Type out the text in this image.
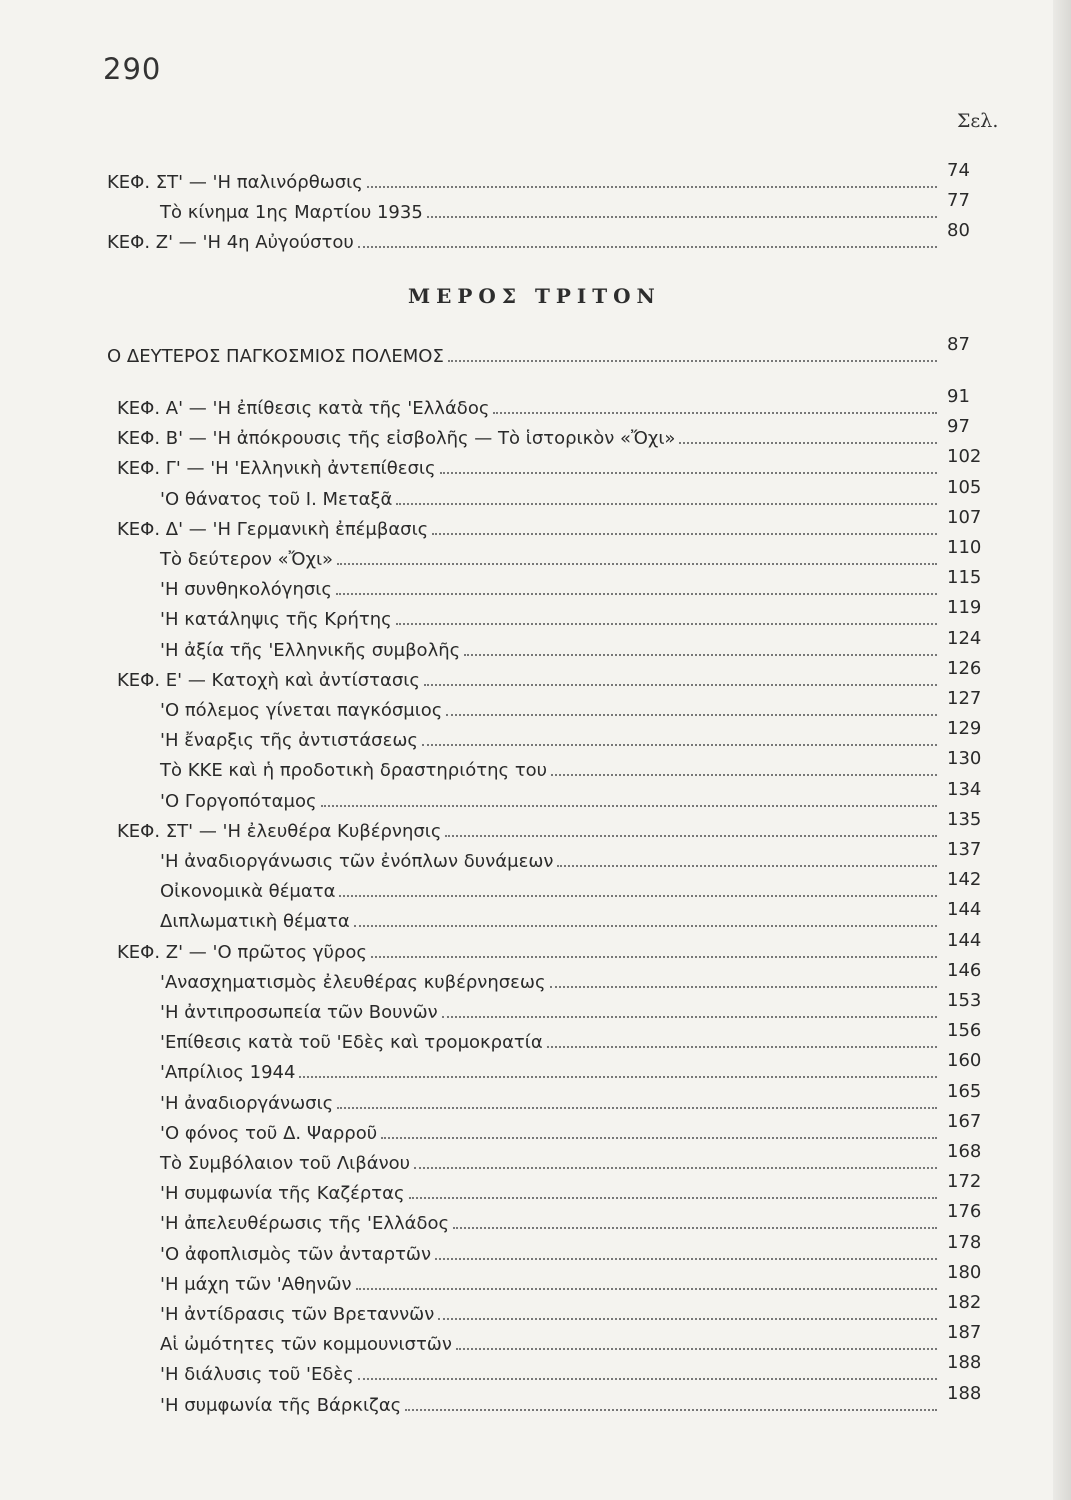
290
Σελ.
ΚΕΦ. ΣΤ' — 'Η παλινόρθωσις
74
Τὸ κίνημα 1ης Μαρτίου 1935
77
ΚΕΦ. Ζ' — 'Η 4η Αὐγούστου
80
ΜΕΡΟΣ ΤΡΙΤΟΝ
Ο ΔΕΥΤΕΡΟΣ ΠΑΓΚΟΣΜΙΟΣ ΠΟΛΕΜΟΣ
87
ΚΕΦ. Α' — 'Η ἐπίθεσις κατὰ τῆς 'Ελλάδος
91
ΚΕΦ. Β' — 'Η ἀπόκρουσις τῆς εἰσβολῆς — Τὸ ἱστορικὸν «Ὄχι»
97
ΚΕΦ. Γ' — 'Η 'Ελληνικὴ ἀντεπίθεσις
102
'Ο θάνατος τοῦ Ι. Μεταξᾶ
105
ΚΕΦ. Δ' — 'Η Γερμανικὴ ἐπέμβασις
107
Τὸ δεύτερον «Ὄχι»
110
'Η συνθηκολόγησις
115
'Η κατάληψις τῆς Κρήτης
119
'Η ἀξία τῆς 'Ελληνικῆς συμβολῆς
124
ΚΕΦ. Ε' — Κατοχὴ καὶ ἀντίστασις
126
'Ο πόλεμος γίνεται παγκόσμιος
127
'Η ἔναρξις τῆς ἀντιστάσεως
129
Τὸ ΚΚΕ καὶ ἡ προδοτικὴ δραστηριότης του
130
'Ο Γοργοπόταμος
134
ΚΕΦ. ΣΤ' — 'Η ἐλευθέρα Κυβέρνησις
135
'Η ἀναδιοργάνωσις τῶν ἐνόπλων δυνάμεων
137
Οἰκονομικὰ θέματα
142
Διπλωματικὴ θέματα
144
ΚΕΦ. Ζ' — 'Ο πρῶτος γῦρος
144
'Ανασχηματισμὸς ἐλευθέρας κυβέρνησεως
146
'Η ἀντιπροσωπεία τῶν Βουνῶν
153
'Επίθεσις κατὰ τοῦ 'Εδὲς καὶ τρομοκρατία
156
'Απρίλιος 1944
160
'Η ἀναδιοργάνωσις
165
'Ο φόνος τοῦ Δ. Ψαρροῦ
167
Τὸ Συμβόλαιον τοῦ Λιβάνου
168
'Η συμφωνία τῆς Καζέρτας
172
'Η ἀπελευθέρωσις τῆς 'Ελλάδος
176
'Ο ἀφοπλισμὸς τῶν ἀνταρτῶν
178
'Η μάχη τῶν 'Αθηνῶν
180
'Η ἀντίδρασις τῶν Βρεταννῶν
182
Αἱ ὠμότητες τῶν κομμουνιστῶν
187
'Η διάλυσις τοῦ 'Εδὲς
188
'Η συμφωνία τῆς Βάρκιζας
188
